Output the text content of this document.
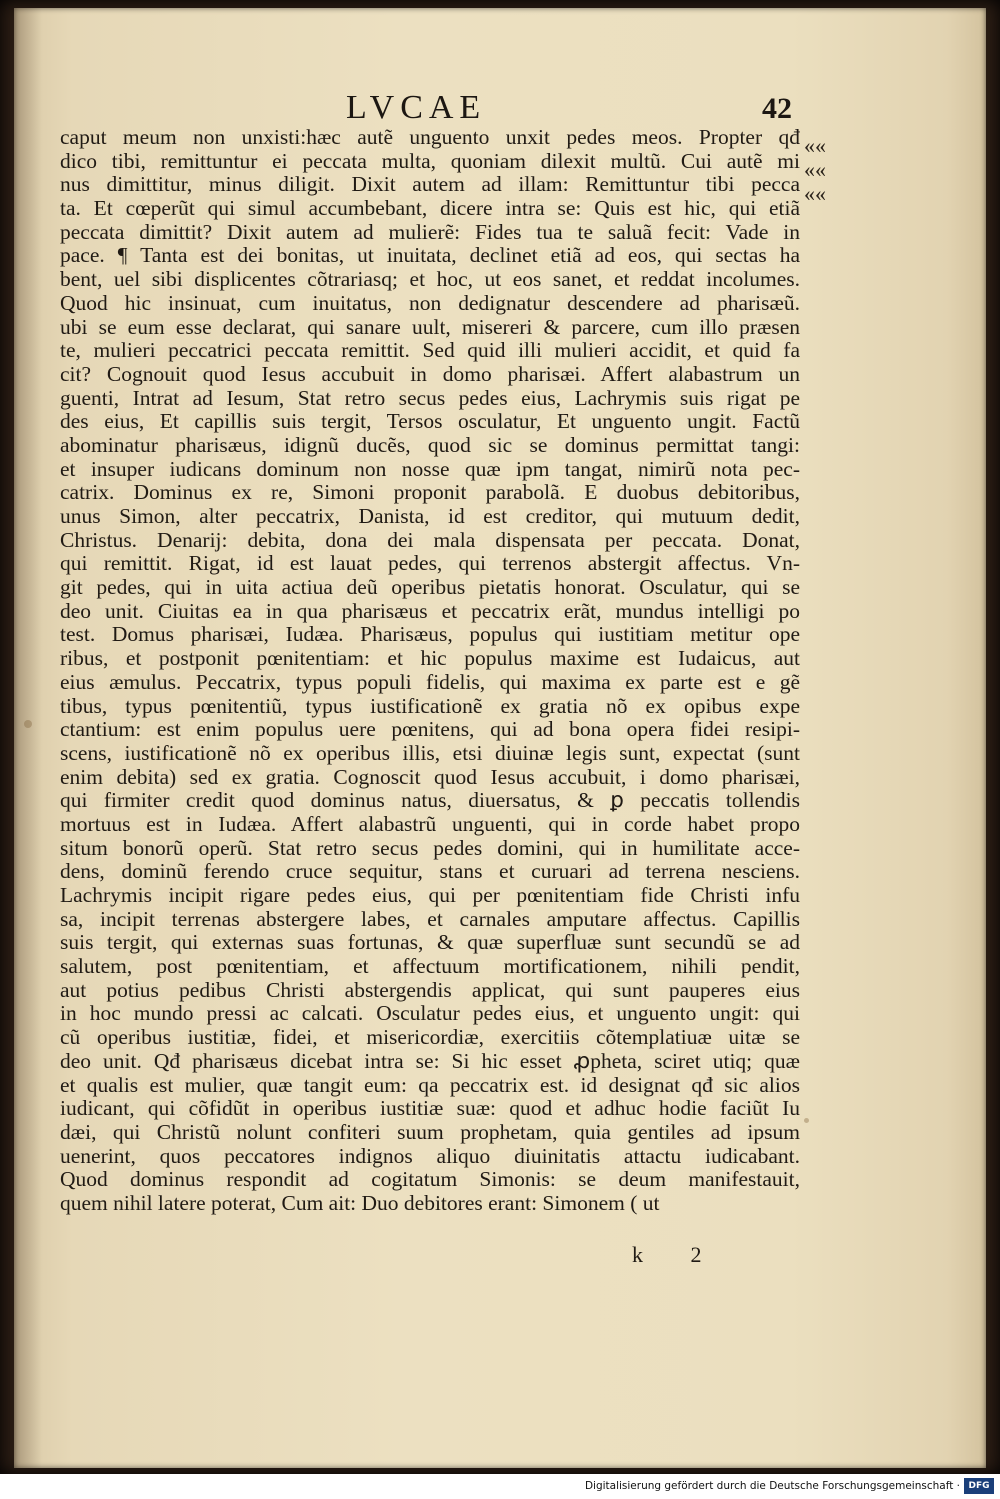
LVCAE	42
««
««
««
caput meum non unxisti:hæc autẽ unguento unxit pedes meos. Propter qđ
dico tibi, remittuntur ei peccata multa, quoniam dilexit multũ. Cui autẽ mi
nus dimittitur, minus diligit. Dixit autem ad illam: Remittuntur tibi pecca
ta. Et cœperũt qui simul accumbebant, dicere intra se: Quis est hic, qui etiã
peccata dimittit? Dixit autem ad mulierẽ: Fides tua te saluã fecit: Vade in
pace. ¶ Tanta est dei bonitas, ut inuitata, declinet etiã ad eos, qui sectas ha
bent, uel sibi displicentes cõtrariasq; et hoc, ut eos sanet, et reddat incolumes.
Quod hic insinuat, cum inuitatus, non dedignatur descendere ad pharisæũ.
ubi se eum esse declarat, qui sanare uult, misereri & parcere, cum illo præsen
te, mulieri peccatrici peccata remittit. Sed quid illi mulieri accidit, et quid fa
cit? Cognouit quod Iesus accubuit in domo pharisæi. Affert alabastrum un
guenti, Intrat ad Iesum, Stat retro secus pedes eius, Lachrymis suis rigat pe
des eius, Et capillis suis tergit, Tersos osculatur, Et unguento ungit. Factũ
abominatur pharisæus, idignũ ducẽs, quod sic se dominus permittat tangi:
et insuper iudicans dominum non nosse quæ ipm tangat, nimirũ nota pec-
catrix. Dominus ex re, Simoni proponit parabolã. E duobus debitoribus,
unus Simon, alter peccatrix, Danista, id est creditor, qui mutuum dedit,
Christus. Denarij: debita, dona dei mala dispensata per peccata. Donat,
qui remittit. Rigat, id est lauat pedes, qui terrenos abstergit affectus. Vn-
git pedes, qui in uita actiua deũ operibus pietatis honorat. Osculatur, qui se
deo unit. Ciuitas ea in qua pharisæus et peccatrix erãt, mundus intelligi po
test. Domus pharisæi, Iudæa. Pharisæus, populus qui iustitiam metitur ope
ribus, et postponit pœnitentiam: et hic populus maxime est Iudaicus, aut
eius æmulus. Peccatrix, typus populi fidelis, qui maxima ex parte est e gẽ
tibus, typus pœnitentiũ, typus iustificationẽ ex gratia nõ ex opibus expe
ctantium: est enim populus uere pœnitens, qui ad bona opera fidei resipi-
scens, iustificationẽ nõ ex operibus illis, etsi diuinæ legis sunt, expectat (sunt
enim debita) sed ex gratia. Cognoscit quod Iesus accubuit, i domo pharisæi,
qui firmiter credit quod dominus natus, diuersatus, & ꝑ peccatis tollendis
mortuus est in Iudæa. Affert alabastrũ unguenti, qui in corde habet propo
situm bonorũ operũ. Stat retro secus pedes domini, qui in humilitate acce-
dens, dominũ ferendo cruce sequitur, stans et curuari ad terrena nesciens.
Lachrymis incipit rigare pedes eius, qui per pœnitentiam fide Christi infu
sa, incipit terrenas abstergere labes, et carnales amputare affectus. Capillis
suis tergit, qui externas suas fortunas, & quæ superfluæ sunt secundũ se ad
salutem, post pœnitentiam, et affectuum mortificationem, nihili pendit,
aut potius pedibus Christi abstergendis applicat, qui sunt pauperes eius
in hoc mundo pressi ac calcati. Osculatur pedes eius, et unguento ungit: qui
cũ operibus iustitiæ, fidei, et misericordiæ, exercitiis cõtemplatiuæ uitæ se
deo unit. Qđ pharisæus dicebat intra se: Si hic esset ꝓpheta, sciret utiq; quæ
et qualis est mulier, quæ tangit eum: qa peccatrix est. id designat qđ sic alios
iudicant, qui cõfidũt in operibus iustitiæ suæ: quod et adhuc hodie faciũt Iu
dæi, qui Christũ nolunt confiteri suum prophetam, quia gentiles ad ipsum
uenerint, quos peccatores indignos aliquo diuinitatis attactu iudicabant.
Quod dominus respondit ad cogitatum Simonis: se deum manifestauit,
quem nihil latere poterat, Cum ait: Duo debitores erant: Simonem ( ut
k 2
Digitalisierung gefördert durch die Deutsche Forschungsgemeinschaft · DFG
